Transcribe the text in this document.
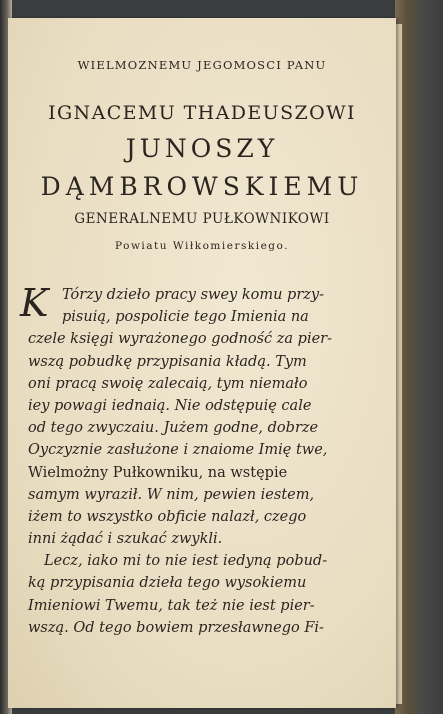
WIELMOZNEMU JEGOMOSCI PANU
IGNACEMU THADEUSZOWI
JUNOSZY
DĄMBROWSKIEMU
GENERALNEMU PUŁKOWNIKOWI
Powiatu Wiłkomierskiego.
K Tórzy dzieło pracy swey komu przy-
pisuią, pospolicie tego Imienia na
czele księgi wyrażonego godność za pier-
wszą pobudkę przypisania kładą. Tym
oni pracą swoię zalecaią, tym niemało
iey powagi iednaią. Nie odstępuię cale
od tego zwyczaiu. Jużem godne, dobrze
Oyczyznie zasłużone i znaiome Imię twe,
Wielmożny Pułkowniku, na wstępie
samym wyraził. W nim, pewien iestem,
iżem to wszystko obficie nalazł, czego
inni żądać i szukać zwykli.
Lecz, iako mi to nie iest iedyną pobud-
ką przypisania dzieła tego wysokiemu
Imieniowi Twemu, tak też nie iest pier-
wszą. Od tego bowiem przesławnego Fi-
